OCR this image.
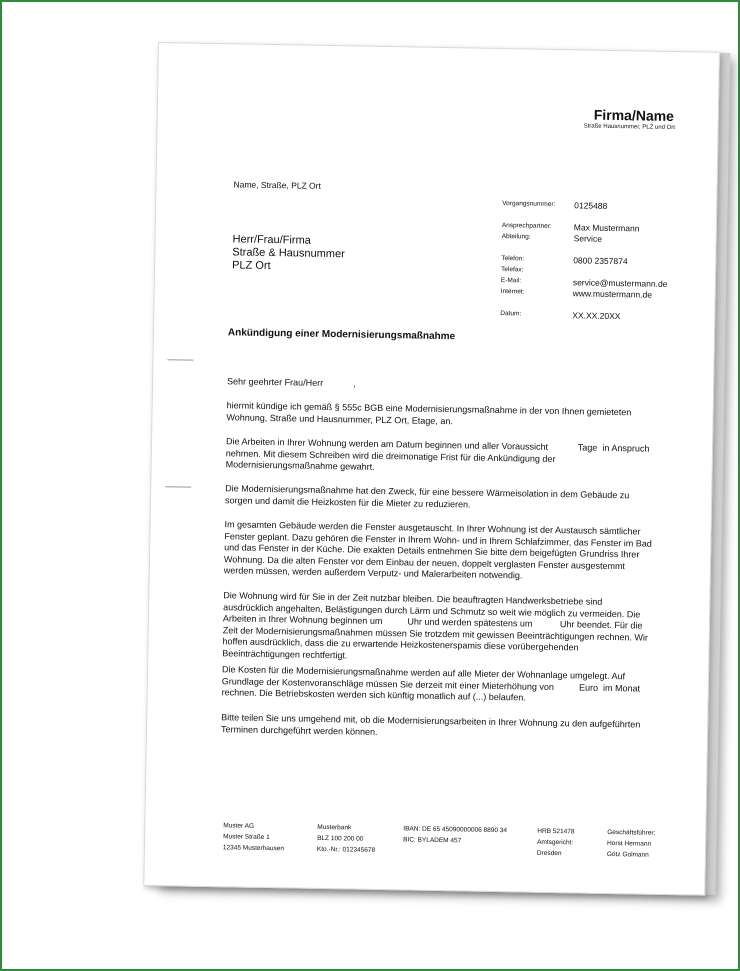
Firma/Name
Straße Hausnummer, PLZ und Ort
Name, Straße, PLZ Ort
Herr/Frau/Firma
Straße & Hausnummer
PLZ Ort
Vorgangsnummer:	0125488
Ansprechpartner:	Max Mustermann
Abteilung:	Service
Telefon:	0800 2357874
Telefax:
E-Mail:	service@mustermann.de
Internet:	www.mustermann.de
Datum:	XX.XX.20XX
Ankündigung einer Modernisierungsmaßnahme
Sehr geehrter Frau/Herr            ,
hiermit kündige ich gemäß § 555c BGB eine Modernisierungsmaßnahme in der von Ihnen gemieteten Wohnung, Straße und Hausnummer, PLZ Ort, Etage, an.
Die Arbeiten in Ihrer Wohnung werden am Datum beginnen und aller Voraussicht            Tage  in Anspruch nehmen. Mit diesem Schreiben wird die dreimonatige Frist für die Ankündigung der Modernisierungsmaßnahme gewahrt.
Die Modernisierungsmaßnahme hat den Zweck, für eine bessere Wärmeisolation in dem Gebäude zu sorgen und damit die Heizkosten für die Mieter zu reduzieren.
Im gesamten Gebäude werden die Fenster ausgetauscht. In Ihrer Wohnung ist der Austausch sämtlicher Fenster geplant. Dazu gehören die Fenster in Ihrem Wohn- und in Ihrem Schlafzimmer, das Fenster im Bad und das Fenster in der Küche. Die exakten Details entnehmen Sie bitte dem beigefügten Grundriss Ihrer Wohnung. Da die alten Fenster vor dem Einbau der neuen, doppelt verglasten Fenster ausgestemmt werden müssen, werden außerdem Verputz- und Malerarbeiten notwendig.
Die Wohnung wird für Sie in der Zeit nutzbar bleiben. Die beauftragten Handwerksbetriebe sind ausdrücklich angehalten, Belästigungen durch Lärm und Schmutz so weit wie möglich zu vermeiden. Die Arbeiten in Ihrer Wohnung beginnen um          Uhr und werden spätestens um           Uhr beendet. Für die Zeit der Modernisierungsmaßnahmen müssen Sie trotzdem mit gewissen Beeinträchtigungen rechnen. Wir hoffen ausdrücklich, dass die zu erwartende Heizkostenerspamis diese vorübergehenden Beeinträchtigungen rechtfertigt.
Die Kosten für die Modernisierungsmaßnahme werden auf alle Mieter der Wohnanlage umgelegt. Auf Grundlage der Kostenvoranschläge müssen Sie derzeit mit einer Mieterhöhung von          Euro  im Monat rechnen. Die Betriebskosten werden sich künftig monatlich auf (...) belaufen.
Bitte teilen Sie uns umgehend mit, ob die Modernisierungsarbeiten in Ihrer Wohnung zu den aufgeführten Terminen durchgeführt werden können.
Muster AG
Muster Straße 1
12345 Musterhausen
Musterbank
BLZ 100 200 00
Kto.-Nr.: 012345678
IBAN: DE 65 45090000006 8890 34
BIC: BYLADEM 457
HRB 521478
Amtsgericht:
Dresden
Geschäftsführer:
Horst Hermann
Götz Golmann
